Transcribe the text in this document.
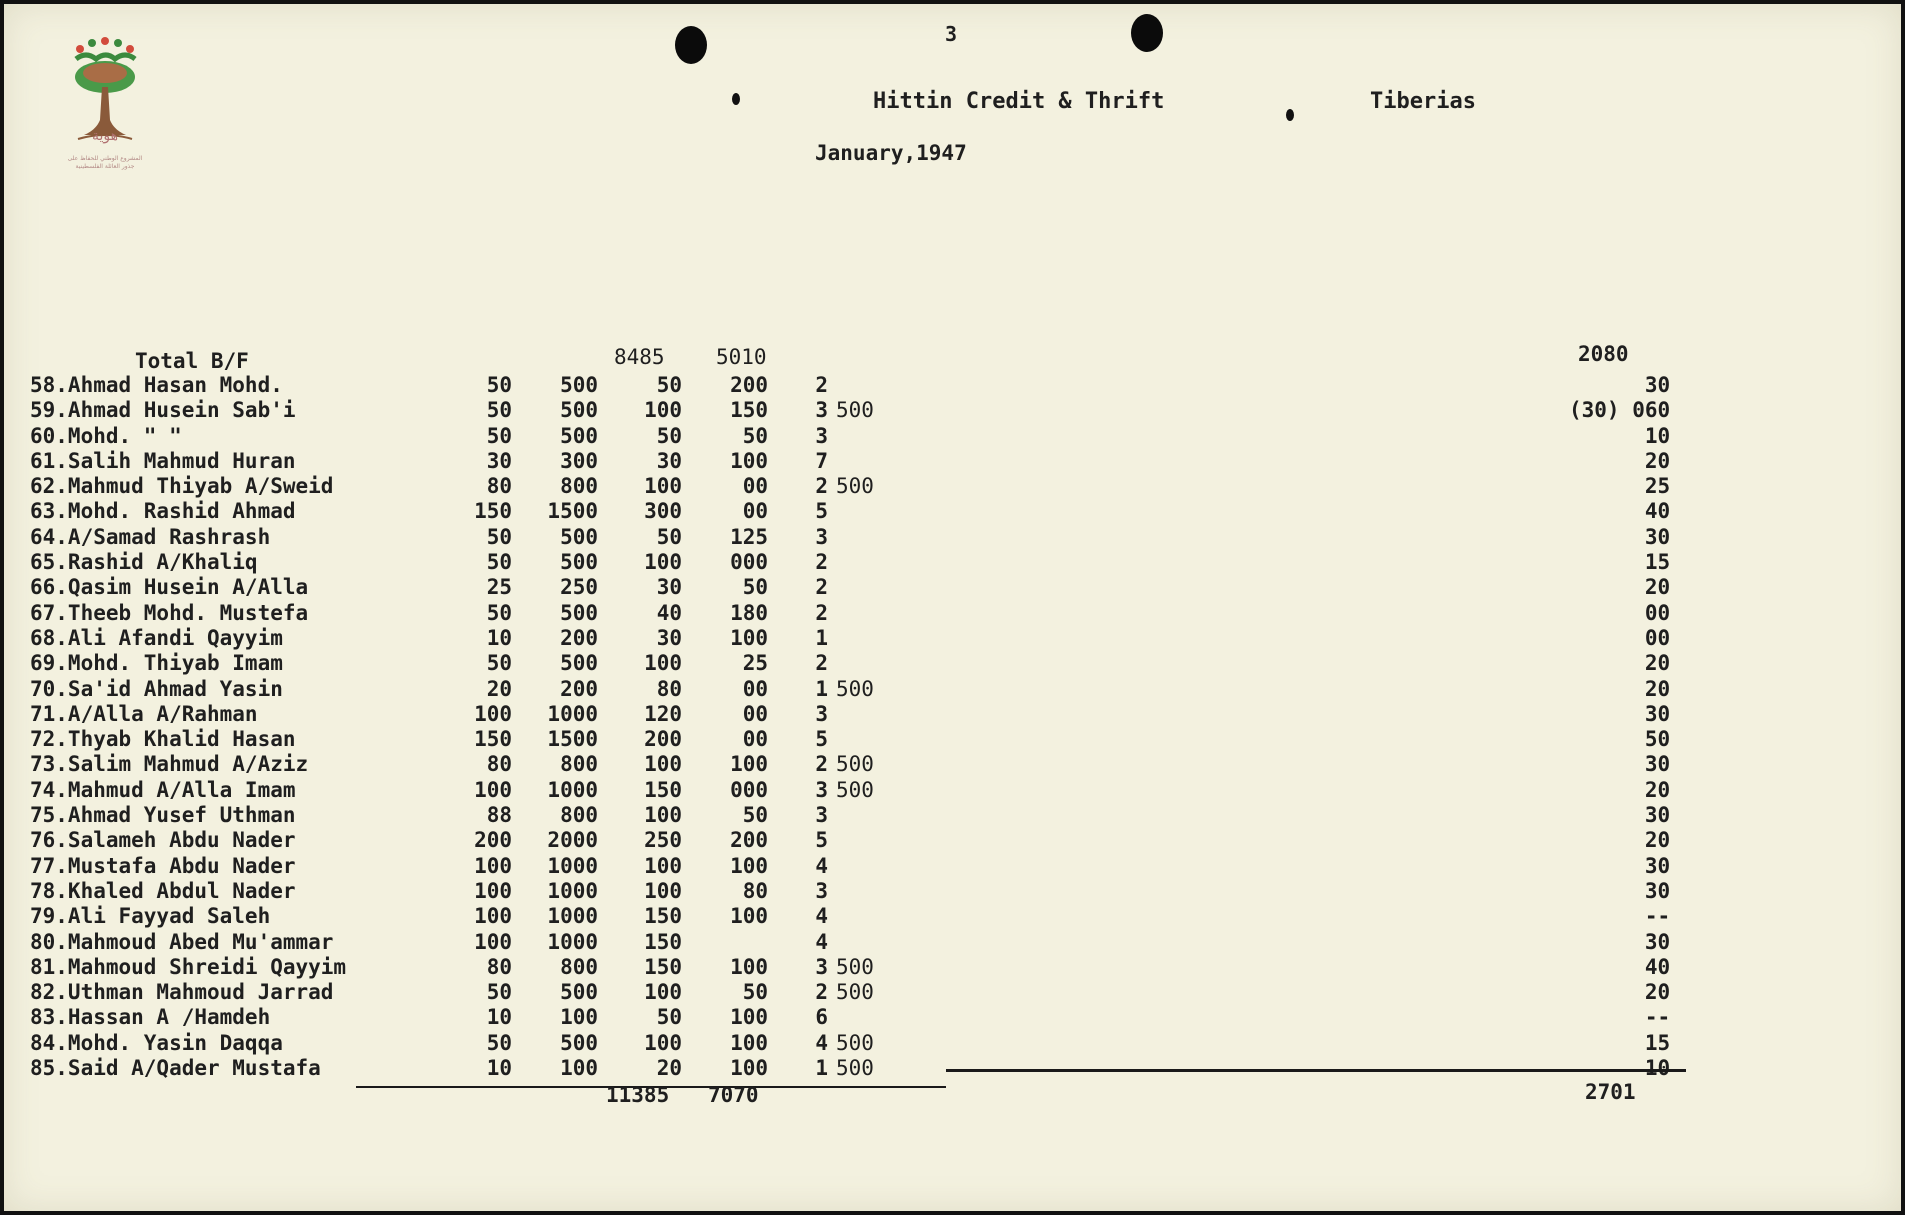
هوية
المشروع الوطني للحفاظ على
جذور العائلة الفلسطينية
3
Hittin Credit & Thrift	Tiberias
January,1947
Total B/F	8485 5010	2080
58.Ahmad Hasan Mohd.	50	500	50	200	2			30
59.Ahmad Husein Sab'i	50	500	100	150	3	500		(30) 060
60.Mohd. " "	50	500	50	50	3			10
61.Salih Mahmud Huran	30	300	30	100	7			20
62.Mahmud Thiyab A/Sweid	80	800	100	00	2	500		25
63.Mohd. Rashid Ahmad	150	1500	300	00	5			40
64.A/Samad Rashrash	50	500	50	125	3			30
65.Rashid A/Khaliq	50	500	100	000	2			15
66.Qasim Husein A/Alla	25	250	30	50	2			20
67.Theeb Mohd. Mustefa	50	500	40	180	2			00
68.Ali Afandi Qayyim	10	200	30	100	1			00
69.Mohd. Thiyab Imam	50	500	100	25	2			20
70.Sa'id Ahmad Yasin	20	200	80	00	1	500		20
71.A/Alla A/Rahman	100	1000	120	00	3			30
72.Thyab Khalid Hasan	150	1500	200	00	5			50
73.Salim Mahmud A/Aziz	80	800	100	100	2	500		30
74.Mahmud A/Alla Imam	100	1000	150	000	3	500		20
75.Ahmad Yusef Uthman	88	800	100	50	3			30
76.Salameh Abdu Nader	200	2000	250	200	5			20
77.Mustafa Abdu Nader	100	1000	100	100	4			30
78.Khaled Abdul Nader	100	1000	100	80	3			30
79.Ali Fayyad Saleh	100	1000	150	100	4			--
80.Mahmoud Abed Mu'ammar	100	1000	150		4			30
81.Mahmoud Shreidi Qayyim	80	800	150	100	3	500		40
82.Uthman Mahmoud Jarrad	50	500	100	50	2	500		20
83.Hassan A /Hamdeh	10	100	50	100	6			--
84.Mohd. Yasin Daqqa	50	500	100	100	4	500		15
85.Said A/Qader Mustafa	10	100	20	100	1	500		
11385 7070	2701
